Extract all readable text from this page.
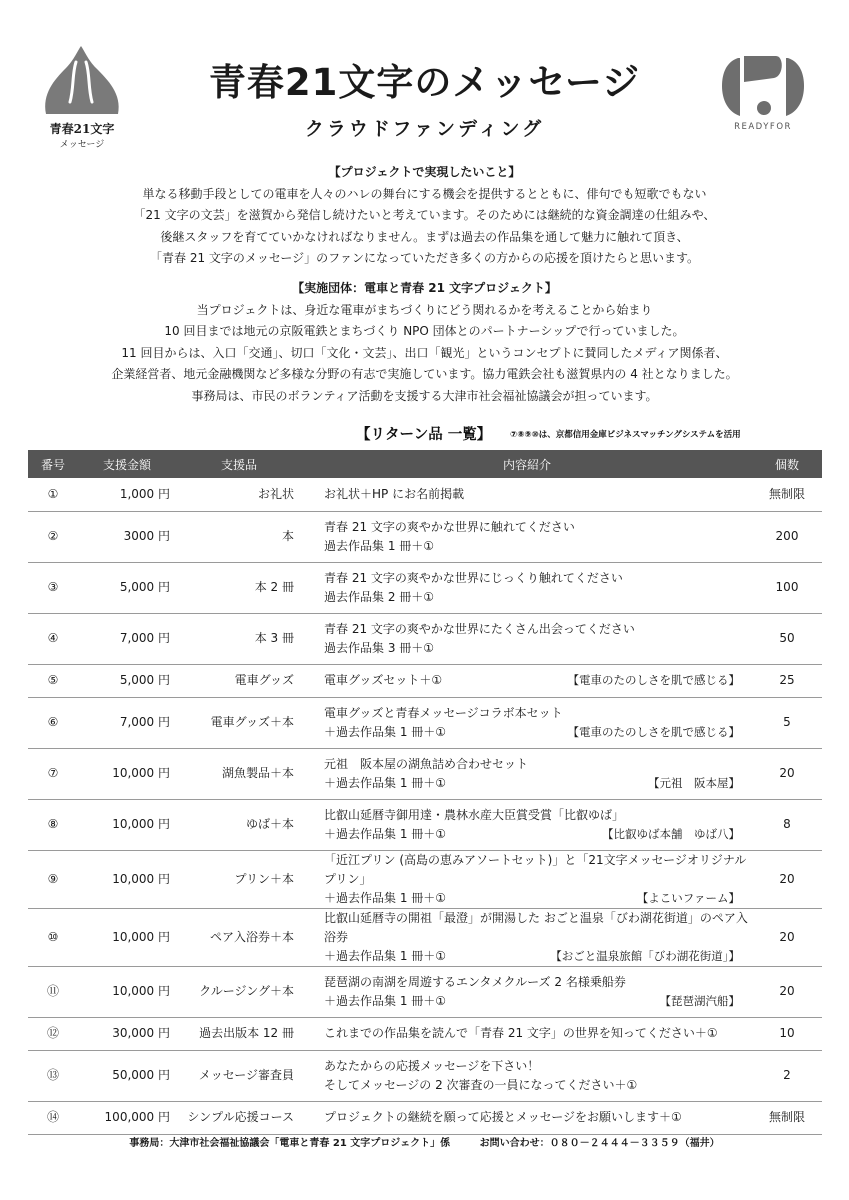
青春21文字
メッセージ
READYFOR
青春21文字のメッセージ
クラウドファンディング
【プロジェクトで実現したいこと】
単なる移動手段としての電車を人々のハレの舞台にする機会を提供するとともに、俳句でも短歌でもない
「21 文字の文芸」を滋賀から発信し続けたいと考えています。そのためには継続的な資金調達の仕組みや、
後継スタッフを育てていかなければなりません。まずは過去の作品集を通して魅力に触れて頂き、
「青春 21 文字のメッセージ」のファンになっていただき多くの方からの応援を頂けたらと思います。
【実施団体：電車と青春 21 文字プロジェクト】
当プロジェクトは、身近な電車がまちづくりにどう関れるかを考えることから始まり
10 回目までは地元の京阪電鉄とまちづくり NPO 団体とのパートナーシップで行っていました。
11 回目からは、入口「交通」、切口「文化・文芸」、出口「観光」というコンセプトに賛同したメディア関係者、
企業経営者、地元金融機関など多様な分野の有志で実施しています。協力電鉄会社も滋賀県内の 4 社となりました。
事務局は、市民のボランティア活動を支援する大津市社会福祉協議会が担っています。
【リターン品 一覧】 ⑦⑧⑨⑩は、京都信用金庫ビジネスマッチングシステムを活用
番号	支援金額	支援品	内容紹介	個数
①	1,000 円	お礼状	お礼状＋HP にお名前掲載	無制限
②	3000 円	本	青春 21 文字の爽やかな世界に触れてください
過去作品集 1 冊＋①	200
③	5,000 円	本 2 冊	青春 21 文字の爽やかな世界にじっくり触れてください
過去作品集 2 冊＋①	100
④	7,000 円	本 3 冊	青春 21 文字の爽やかな世界にたくさん出会ってください
過去作品集 3 冊＋①	50
⑤	5,000 円	電車グッズ	電車グッズセット＋① 【電車のたのしさを肌で感じる】	25
⑥	7,000 円	電車グッズ＋本	電車グッズと青春メッセージコラボ本セット
＋過去作品集 1 冊＋① 【電車のたのしさを肌で感じる】	5
⑦	10,000 円	湖魚製品＋本	元祖　阪本屋の湖魚詰め合わせセット
＋過去作品集 1 冊＋① 【元祖　阪本屋】	20
⑧	10,000 円	ゆば＋本	比叡山延暦寺御用達・農林水産大臣賞受賞「比叡ゆば」
＋過去作品集 1 冊＋① 【比叡ゆば本舗　ゆば八】	8
⑨	10,000 円	プリン＋本	「近江プリン (高島の恵みアソートセット)」と「21文字メッセージオリジナルプリン」
＋過去作品集 1 冊＋① 【よこいファーム】	20
⑩	10,000 円	ペア入浴券＋本	比叡山延暦寺の開祖「最澄」が開湯した おごと温泉「びわ湖花街道」のペア入浴券
＋過去作品集 1 冊＋① 【おごと温泉旅館「びわ湖花街道」】	20
⑪	10,000 円	クルージング＋本	琵琶湖の南湖を周遊するエンタメクルーズ 2 名様乗船券
＋過去作品集 1 冊＋① 【琵琶湖汽船】	20
⑫	30,000 円	過去出版本 12 冊	これまでの作品集を読んで「青春 21 文字」の世界を知ってください＋①	10
⑬	50,000 円	メッセージ審査員	あなたからの応援メッセージを下さい！
そしてメッセージの 2 次審査の一員になってください＋①	2
⑭	100,000 円	シンプル応援コース	プロジェクトの継続を願って応援とメッセージをお願いします＋①	無制限
事務局：大津市社会福祉協議会「電車と青春 21 文字プロジェクト」係	お問い合わせ：０８０－２４４４－３３５９（福井）
